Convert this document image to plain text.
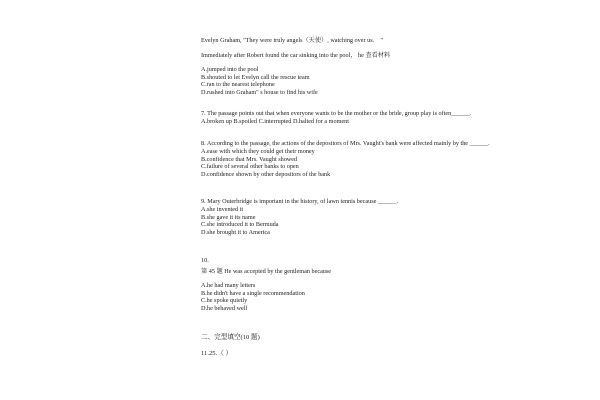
Evelyn Graham, "They were truly angels（天使）, watching over us． "

Immediately after Robert found the car sinking into the pool， he 查看材料

A.jumped into the pool

B.shouted to let Evelyn call the rescue team

C.ran to the nearest telephone

D.rushed into Graham" s house to find his wife

7. The passage points out that when everyone wants to be the mother or the bride, group play is often______.

A.broken up B.spoiled C.interrupted D.halted for a moment

8. According to the passage, the actions of the depositors of Mrs. Vaught's bank were affected mainly by the ______.

A.ease with which they could get their money

B.confidence that Mrs. Vaught showed

C.failure of several other banks to open

D.confidence shown by other depositors of the bank

9. Mary Outerbridge is important in the history, of lawn tennis because ______.

A.she invented it

B.she gave it its name

C.she introduced it to Bermuda

D.she brought it to America

10.

第 45 题 He was accepted by the gentleman because

A.he had many letters

B.he didn't have a single recommendation

C.he spoke quietly

D.he behaved well

二、完型填空(10 题)

11.25.（ ）
